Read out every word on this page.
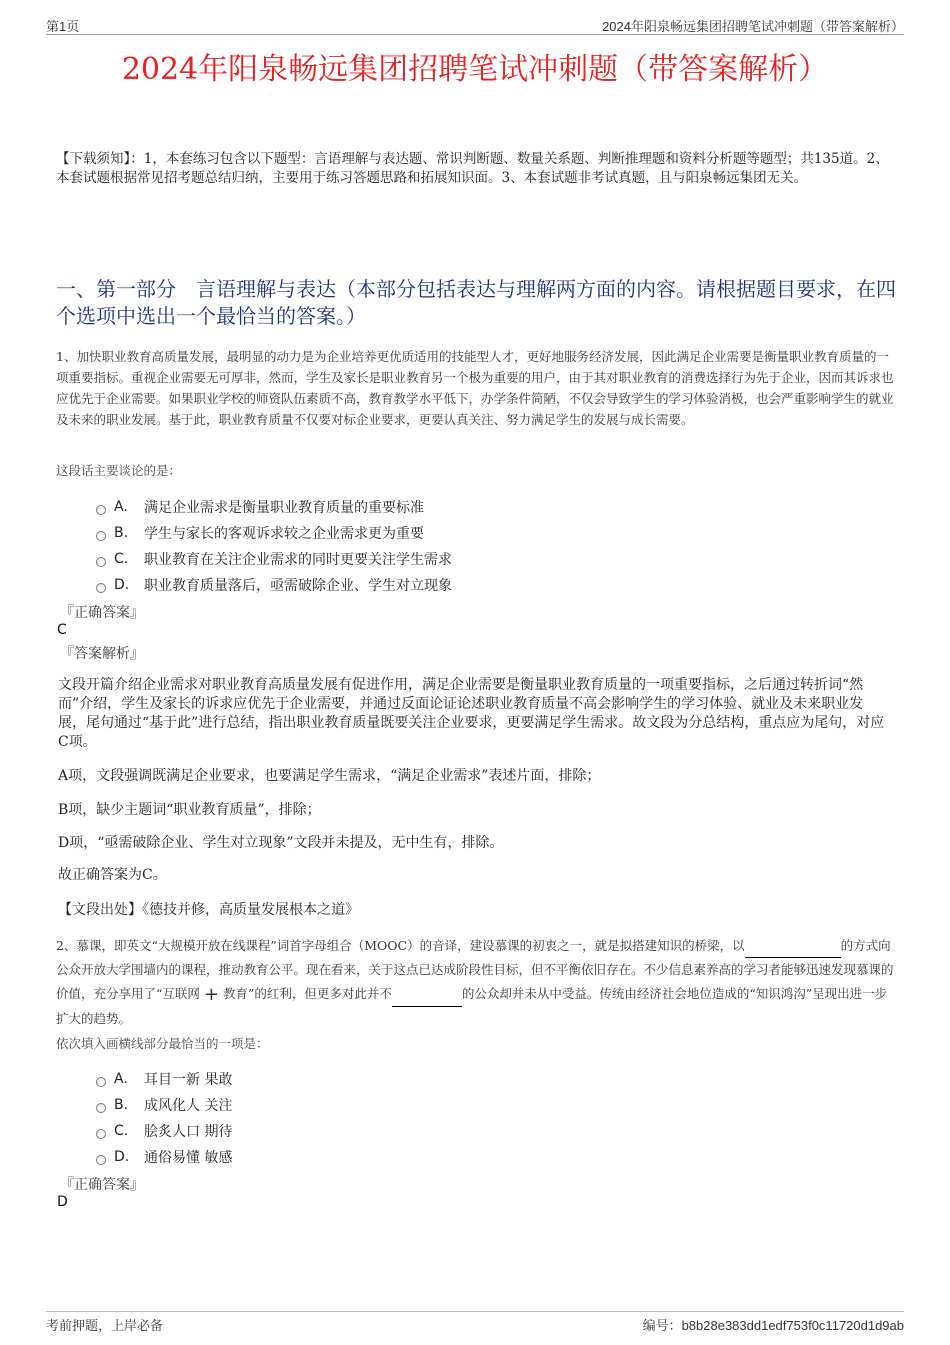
第1页	2024年阳泉畅远集团招聘笔试冲刺题（带答案解析）
2024年阳泉畅远集团招聘笔试冲刺题（带答案解析）
【下载须知】：1，本套练习包含以下题型：言语理解与表达题、常识判断题、数量关系题、判断推理题和资料分析题等题型；共135道。2、本套试题根据常见招考题总结归纳，主要用于练习答题思路和拓展知识面。3、本套试题非考试真题，且与阳泉畅远集团无关。
一、第一部分　言语理解与表达（本部分包括表达与理解两方面的内容。请根据题目要求，在四个选项中选出一个最恰当的答案。）
1、加快职业教育高质量发展，最明显的动力是为企业培养更优质适用的技能型人才，更好地服务经济发展，因此满足企业需要是衡量职业教育质量的一项重要指标。重视企业需要无可厚非，然而，学生及家长是职业教育另一个极为重要的用户，由于其对职业教育的消费选择行为先于企业，因而其诉求也应优先于企业需要。如果职业学校的师资队伍素质不高，教育教学水平低下，办学条件简陋，不仅会导致学生的学习体验消极，也会严重影响学生的就业及未来的职业发展。基于此，职业教育质量不仅要对标企业要求，更要认真关注、努力满足学生的发展与成长需要。
这段话主要谈论的是：
A.	满足企业需求是衡量职业教育质量的重要标准
B.	学生与家长的客观诉求较之企业需求更为重要
C.	职业教育在关注企业需求的同时更要关注学生需求
D.	职业教育质量落后，亟需破除企业、学生对立现象
『正确答案』
C
『答案解析』
文段开篇介绍企业需求对职业教育高质量发展有促进作用，满足企业需要是衡量职业教育质量的一项重要指标，之后通过转折词“然而”介绍，学生及家长的诉求应优先于企业需要，并通过反面论证论述职业教育质量不高会影响学生的学习体验、就业及未来职业发展，尾句通过“基于此”进行总结，指出职业教育质量既要关注企业要求，更要满足学生需求。故文段为分总结构，重点应为尾句，对应C项。
A项，文段强调既满足企业要求，也要满足学生需求，“满足企业需求”表述片面，排除；
B项，缺少主题词“职业教育质量”，排除；
D项，“亟需破除企业、学生对立现象”文段并未提及，无中生有，排除。
故正确答案为C。
【文段出处】《德技并修，高质量发展根本之道》
2、慕课，即英文“大规模开放在线课程”词首字母组合（MOOC）的音译，建设慕课的初衷之一，就是拟搭建知识的桥梁，以	的方式向公众开放大学围墙内的课程，推动教育公平。现在看来，关于这点已达成阶段性目标，但不平衡依旧存在。不少信息素养高的学习者能够迅速发现慕课的价值，充分享用了“互联网 + 教育”的红利，但更多对此并不	的公众却并未从中受益。传统由经济社会地位造成的“知识鸿沟”呈现出进一步扩大的趋势。
依次填入画横线部分最恰当的一项是：
A.	耳目一新 果敢
B.	成风化人 关注
C.	脍炙人口 期待
D.	通俗易懂 敏感
『正确答案』
D
考前押题，上岸必备	编号：b8b28e383dd1edf753f0c11720d1d9ab
